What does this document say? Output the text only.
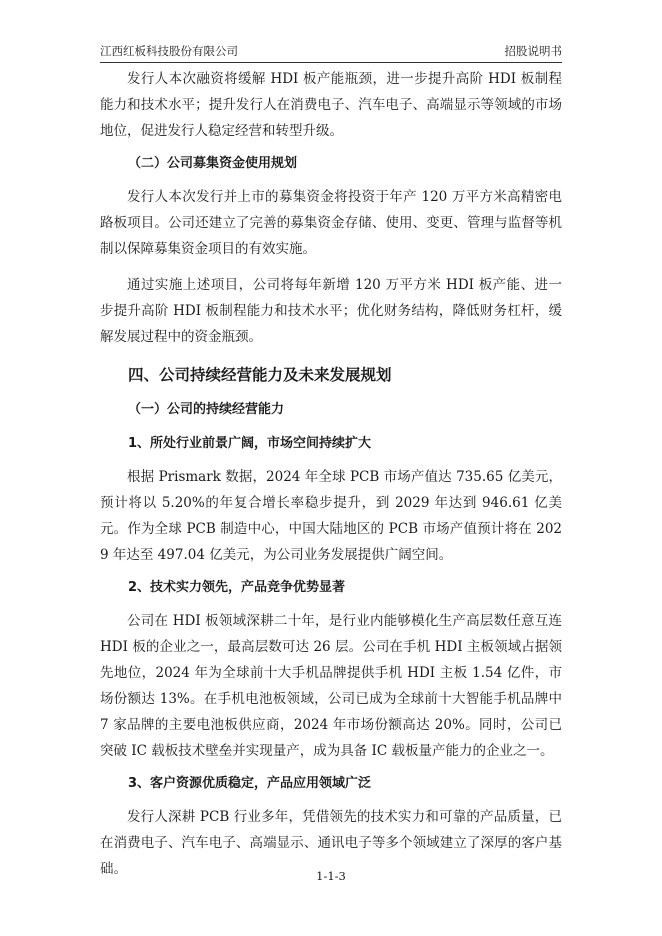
江西红板科技股份有限公司	招股说明书

发行人本次融资将缓解 HDI 板产能瓶颈，进一步提升高阶 HDI 板制程能力和技术水平；提升发行人在消费电子、汽车电子、高端显示等领域的市场地位，促进发行人稳定经营和转型升级。

（二）公司募集资金使用规划

发行人本次发行并上市的募集资金将投资于年产 120 万平方米高精密电路板项目。公司还建立了完善的募集资金存储、使用、变更、管理与监督等机制以保障募集资金项目的有效实施。

通过实施上述项目，公司将每年新增 120 万平方米 HDI 板产能、进一步提升高阶 HDI 板制程能力和技术水平；优化财务结构，降低财务杠杆，缓解发展过程中的资金瓶颈。

四、公司持续经营能力及未来发展规划

（一）公司的持续经营能力

1、所处行业前景广阔，市场空间持续扩大

根据 Prismark 数据，2024 年全球 PCB 市场产值达 735.65 亿美元，预计将以 5.20%的年复合增长率稳步提升，到 2029 年达到 946.61 亿美元。作为全球 PCB 制造中心，中国大陆地区的 PCB 市场产值预计将在 2029 年达至 497.04 亿美元，为公司业务发展提供广阔空间。

2、技术实力领先，产品竞争优势显著

公司在 HDI 板领域深耕二十年，是行业内能够模化生产高层数任意互连 HDI 板的企业之一，最高层数可达 26 层。公司在手机 HDI 主板领域占据领先地位，2024 年为全球前十大手机品牌提供手机 HDI 主板 1.54 亿件，市场份额达 13%。在手机电池板领域，公司已成为全球前十大智能手机品牌中 7 家品牌的主要电池板供应商，2024 年市场份额高达 20%。同时，公司已突破 IC 载板技术壁垒并实现量产，成为具备 IC 载板量产能力的企业之一。

3、客户资源优质稳定，产品应用领域广泛

发行人深耕 PCB 行业多年，凭借领先的技术实力和可靠的产品质量，已在消费电子、汽车电子、高端显示、通讯电子等多个领域建立了深厚的客户基础。	1-1-3
